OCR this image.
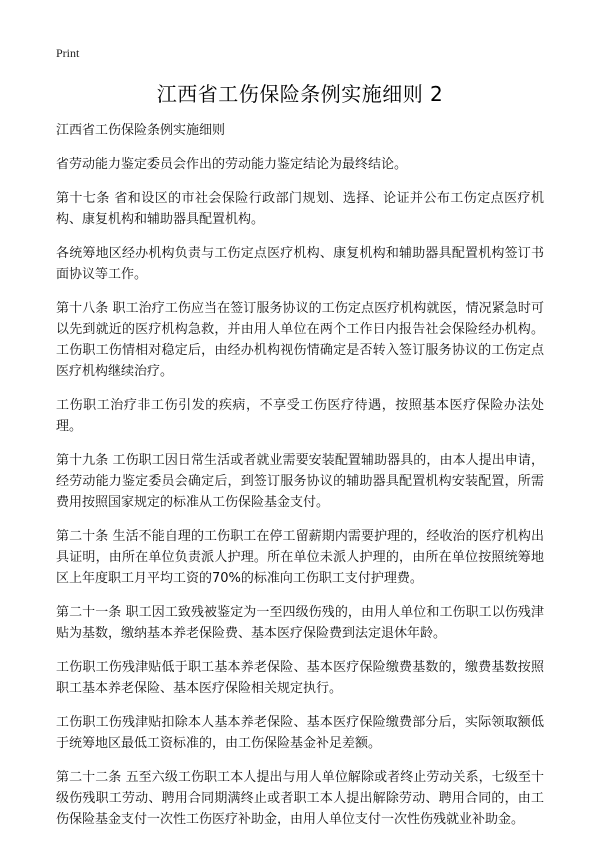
Print
江西省工伤保险条例实施细则 2

江西省工伤保险条例实施细则

省劳动能力鉴定委员会作出的劳动能力鉴定结论为最终结论。

第十七条 省和设区的市社会保险行政部门规划、选择、论证并公布工伤定点医疗机构、康复机构和辅助器具配置机构。

各统筹地区经办机构负责与工伤定点医疗机构、康复机构和辅助器具配置机构签订书面协议等工作。

第十八条 职工治疗工伤应当在签订服务协议的工伤定点医疗机构就医，情况紧急时可以先到就近的医疗机构急救，并由用人单位在两个工作日内报告社会保险经办机构。工伤职工伤情相对稳定后，由经办机构视伤情确定是否转入签订服务协议的工伤定点医疗机构继续治疗。

工伤职工治疗非工伤引发的疾病，不享受工伤医疗待遇，按照基本医疗保险办法处理。

第十九条 工伤职工因日常生活或者就业需要安装配置辅助器具的，由本人提出申请，经劳动能力鉴定委员会确定后，到签订服务协议的辅助器具配置机构安装配置，所需费用按照国家规定的标准从工伤保险基金支付。

第二十条 生活不能自理的工伤职工在停工留薪期内需要护理的，经收治的医疗机构出具证明，由所在单位负责派人护理。所在单位未派人护理的，由所在单位按照统筹地区上年度职工月平均工资的70%的标准向工伤职工支付护理费。

第二十一条 职工因工致残被鉴定为一至四级伤残的，由用人单位和工伤职工以伤残津贴为基数，缴纳基本养老保险费、基本医疗保险费到法定退休年龄。

工伤职工伤残津贴低于职工基本养老保险、基本医疗保险缴费基数的，缴费基数按照职工基本养老保险、基本医疗保险相关规定执行。

工伤职工伤残津贴扣除本人基本养老保险、基本医疗保险缴费部分后，实际领取额低于统筹地区最低工资标准的，由工伤保险基金补足差额。

第二十二条 五至六级工伤职工本人提出与用人单位解除或者终止劳动关系，七级至十级伤残职工劳动、聘用合同期满终止或者职工本人提出解除劳动、聘用合同的，由工伤保险基金支付一次性工伤医疗补助金，由用人单位支付一次性伤残就业补助金。
